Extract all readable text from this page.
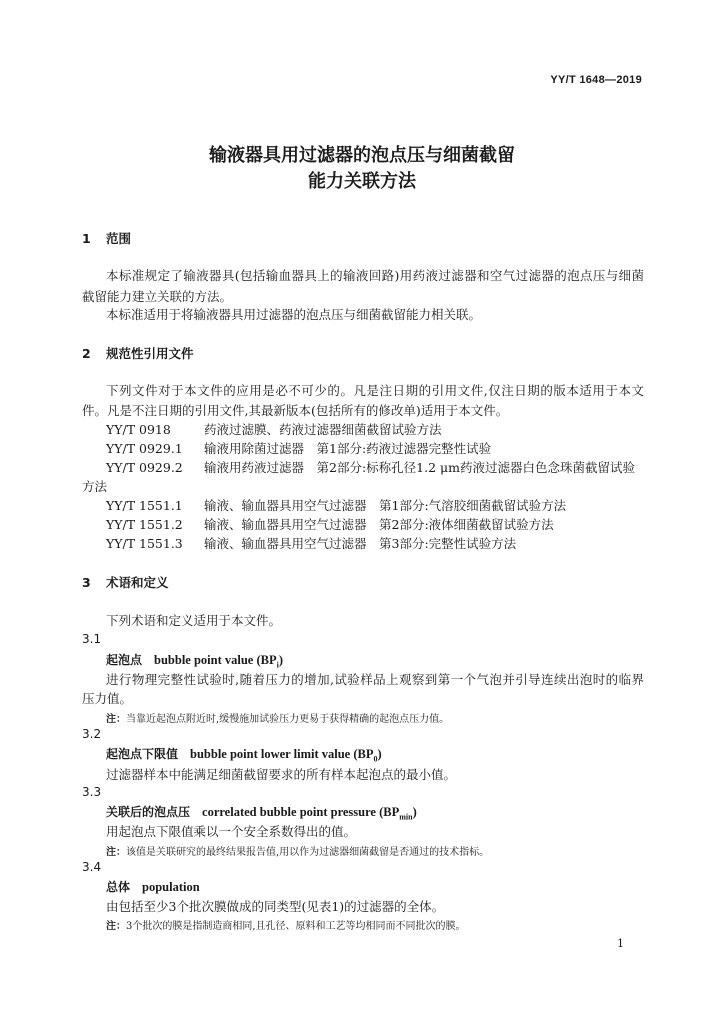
YY/T 1648—2019
输液器具用过滤器的泡点压与细菌截留
能力关联方法
1 范围
本标准规定了输液器具(包括输血器具上的输液回路)用药液过滤器和空气过滤器的泡点压与细菌
截留能力建立关联的方法。
本标准适用于将输液器具用过滤器的泡点压与细菌截留能力相关联。
2 规范性引用文件
下列文件对于本文件的应用是必不可少的。凡是注日期的引用文件,仅注日期的版本适用于本文
件。凡是不注日期的引用文件,其最新版本(包括所有的修改单)适用于本文件。
YY/T 0918	药液过滤膜、药液过滤器细菌截留试验方法
YY/T 0929.1 输液用除菌过滤器　第1部分:药液过滤器完整性试验
YY/T 0929.2 输液用药液过滤器　第2部分:标称孔径1.2 μm药液过滤器白色念珠菌截留试验
方法
YY/T 1551.1 输液、输血器具用空气过滤器　第1部分:气溶胶细菌截留试验方法
YY/T 1551.2 输液、输血器具用空气过滤器　第2部分:液体细菌截留试验方法
YY/T 1551.3 输液、输血器具用空气过滤器　第3部分:完整性试验方法
3 术语和定义
下列术语和定义适用于本文件。
3.1
起泡点 bubble point value $(BP_i)$
进行物理完整性试验时,随着压力的增加,试验样品上观察到第一个气泡并引导连续出泡时的临界
压力值。
注：当靠近起泡点附近时,缓慢施加试验压力更易于获得精确的起泡点压力值。
3.2
起泡点下限值 bubble point lower limit value $(BP_0)$
过滤器样本中能满足细菌截留要求的所有样本起泡点的最小值。
3.3
关联后的泡点压 correlated bubble point pressure $(BP_{min})$
用起泡点下限值乘以一个安全系数得出的值。
注：该值是关联研究的最终结果报告值,用以作为过滤器细菌截留是否通过的技术指标。
3.4
总体 population
由包括至少3个批次膜做成的同类型(见表1)的过滤器的全体。
注：3个批次的膜是指制造商相同,且孔径、原料和工艺等均相同而不同批次的膜。
1
